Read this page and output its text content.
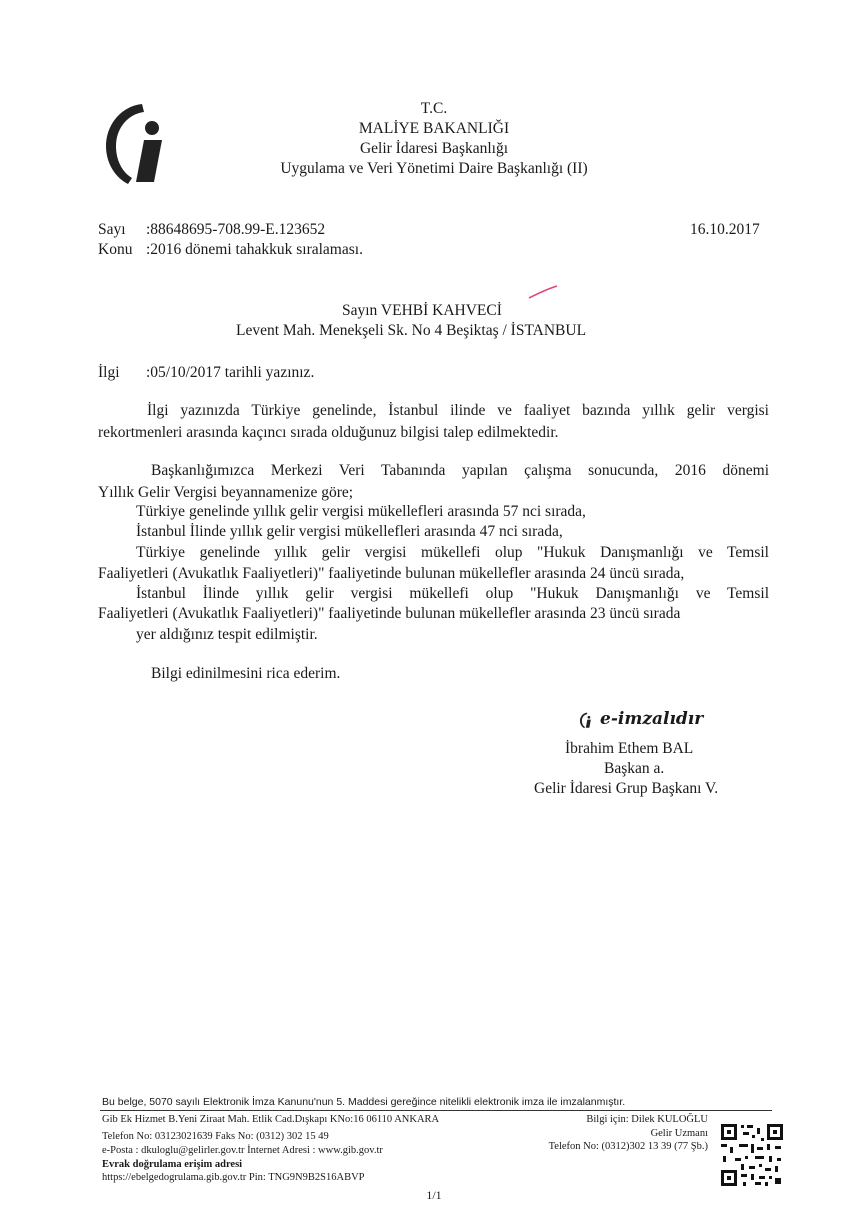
T.C.
MALİYE BAKANLIĞI
Gelir İdaresi Başkanlığı
Uygulama ve Veri Yönetimi Daire Başkanlığı (II)
Sayı :88648695-708.99-E.123652	16.10.2017
Konu :2016 dönemi tahakkuk sıralaması.
Sayın VEHBİ KAHVECİ
Levent Mah. Menekşeli Sk. No 4 Beşiktaş / İSTANBUL
İlgi :05/10/2017 tarihli yazınız.
İlgi yazınızda Türkiye genelinde, İstanbul ilinde ve faaliyet bazında yıllık gelir vergisi
rekortmenleri arasında kaçıncı sırada olduğunuz bilgisi talep edilmektedir.
Başkanlığımızca Merkezi Veri Tabanında yapılan çalışma sonucunda, 2016 dönemi
Yıllık Gelir Vergisi beyannamenize göre;
Türkiye genelinde yıllık gelir vergisi mükellefleri arasında 57 nci sırada,
İstanbul İlinde yıllık gelir vergisi mükellefleri arasında 47 nci sırada,
Türkiye genelinde yıllık gelir vergisi mükellefi olup "Hukuk Danışmanlığı ve Temsil
Faaliyetleri (Avukatlık Faaliyetleri)" faaliyetinde bulunan mükellefler arasında 24 üncü sırada,
İstanbul İlinde yıllık gelir vergisi mükellefi olup "Hukuk Danışmanlığı ve Temsil
Faaliyetleri (Avukatlık Faaliyetleri)" faaliyetinde bulunan mükellefler arasında 23 üncü sırada
yer aldığınız tespit edilmiştir.
Bilgi edinilmesini rica ederim.
e-imzalıdır
İbrahim Ethem BAL
Başkan a.
Gelir İdaresi Grup Başkanı V.
Bu belge, 5070 sayılı Elektronik İmza Kanunu'nun 5. Maddesi gereğince nitelikli elektronik imza ile imzalanmıştır.
Gib Ek Hizmet B.Yeni Ziraat Mah. Etlik Cad.Dışkapı KNo:16 06110 ANKARA
Telefon No: 03123021639 Faks No: (0312) 302 15 49
e-Posta : dkuloglu@gelirler.gov.tr İnternet Adresi : www.gib.gov.tr
Evrak doğrulama erişim adresi
https://ebelgedogrulama.gib.gov.tr Pin: TNG9N9B2S16ABVP
Bilgi için: Dilek KULOĞLU
Gelir Uzmanı
Telefon No: (0312)302 13 39 (77 Şb.)
1/1
